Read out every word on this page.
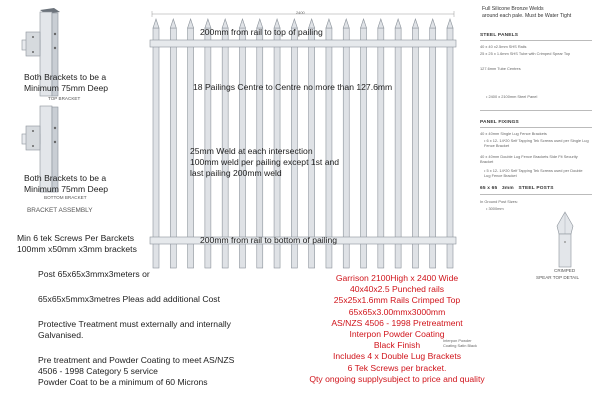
2400
Both Brackets to be a
Minimum 75mm Deep
TOP BRACKET
Both Brackets to be a
Minimum 75mm Deep
BOTTOM BRACKET
BRACKET ASSEMBLY
Min 6 tek Screws Per Barckets
100mm x50mm x3mm brackets
200mm from rail to top of pailing
18 Pailings Centre to Centre no more than 127.6mm
25mm Weld at each intersection
100mm weld per pailing except 1st and
last pailing 200mm weld
200mm from rail to bottom of pailing
Post 65x65x3mmx3meters or
65x65x5mmx3metres Pleas add additional Cost
Protective Treatment must externally and internally
Galvanised.
Pre treatment and Powder Coating to meet AS/NZS
4506 - 1998 Category 5 service
Powder Coat to be a minimum of 60 Microns
Garrison 2100High x 2400 Wide
40x40x2.5 Punched rails
25x25x1.6mm Rails Crimped Top
65x65x3.00mmx3000mm
AS/NZS 4506 - 1998 Pretreatment
Interpon Powder Coating
Black Finish
Includes 4 x Double Lug Brackets
6 Tek Screws per bracket.
Qty ongoing supplysubject to price and quality
Full Silicone Bronze Welds
around each pale. Must be Water Tight
STEEL PANELS
40 x 40 x2.5mm SHS Rails
25 x 25 x 1.6mm SHS Tube with Crimped Spear Top
127.6mm Tube Centres
• 2400 x 2100mm Steel Panel
PANEL FIXINGS
40 x 40mm Single Lug Fence Brackets
• 6 x 12- 14*20 Self Tapping Tek Screws used per Single Lug Fence Bracket
40 x 40mm Double Lug Fence Brackets Side Fit Security Bracket
• 5 x 12- 14*20 Self Tapping Tek Screws used per Double Lug Fence Bracket
65 x 65 3mm STEEL POSTS
In Ground Post Sizes:
• 3000mm
CRIMPED
SPEAR TOP DETAIL
Interpon Powder
Coating Satin Black
